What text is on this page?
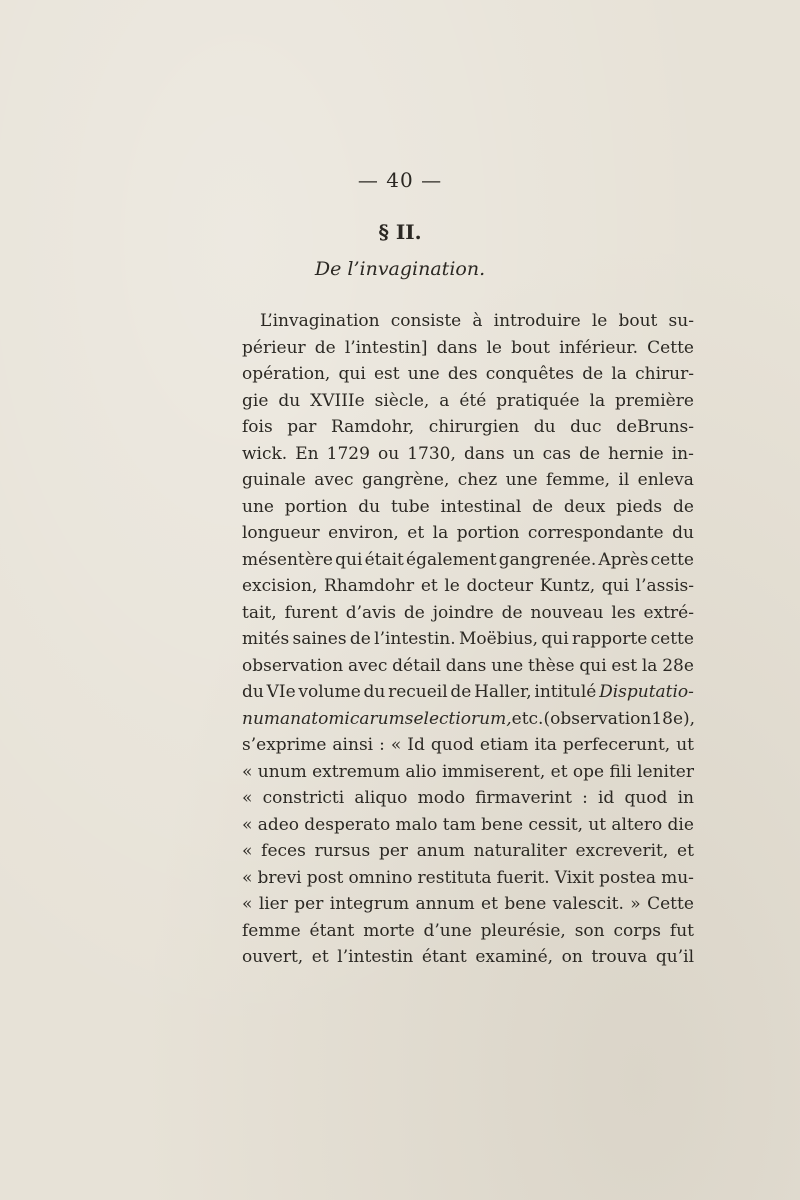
— 40 —
§ II.
De l’invagination.
L’invagination consiste à introduire le bout su-
périeur de l’intestin] dans le bout inférieur. Cette
opération, qui est une des conquêtes de la chirur-
gie du XVIIIe siècle, a été pratiquée la première
fois par Ramdohr, chirurgien du duc deBruns-
wick. En 1729 ou 1730, dans un cas de hernie in-
guinale avec gangrène, chez une femme, il enleva
une portion du tube intestinal de deux pieds de
longueur environ, et la portion correspondante du
mésentère qui était également gangrenée. Après cette
excision, Rhamdohr et le docteur Kuntz, qui l’assis-
tait, furent d’avis de joindre de nouveau les extré-
mités saines de l’intestin. Moëbius, qui rapporte cette
observation avec détail dans une thèse qui est la 28e
du VIe volume du recueil de Haller, intitulé Disputatio-
num anatomicarum selectiorum, etc. (observation 18e),
s’exprime ainsi : « Id quod etiam ita perfecerunt, ut
« unum extremum alio immiserent, et ope fili leniter
« constricti aliquo modo firmaverint : id quod in
« adeo desperato malo tam bene cessit, ut altero die
« feces rursus per anum naturaliter excreverit, et
« brevi post omnino restituta fuerit. Vixit postea mu-
« lier per integrum annum et bene valescit. » Cette
femme étant morte d’une pleurésie, son corps fut
ouvert, et l’intestin étant examiné, on trouva qu’il
